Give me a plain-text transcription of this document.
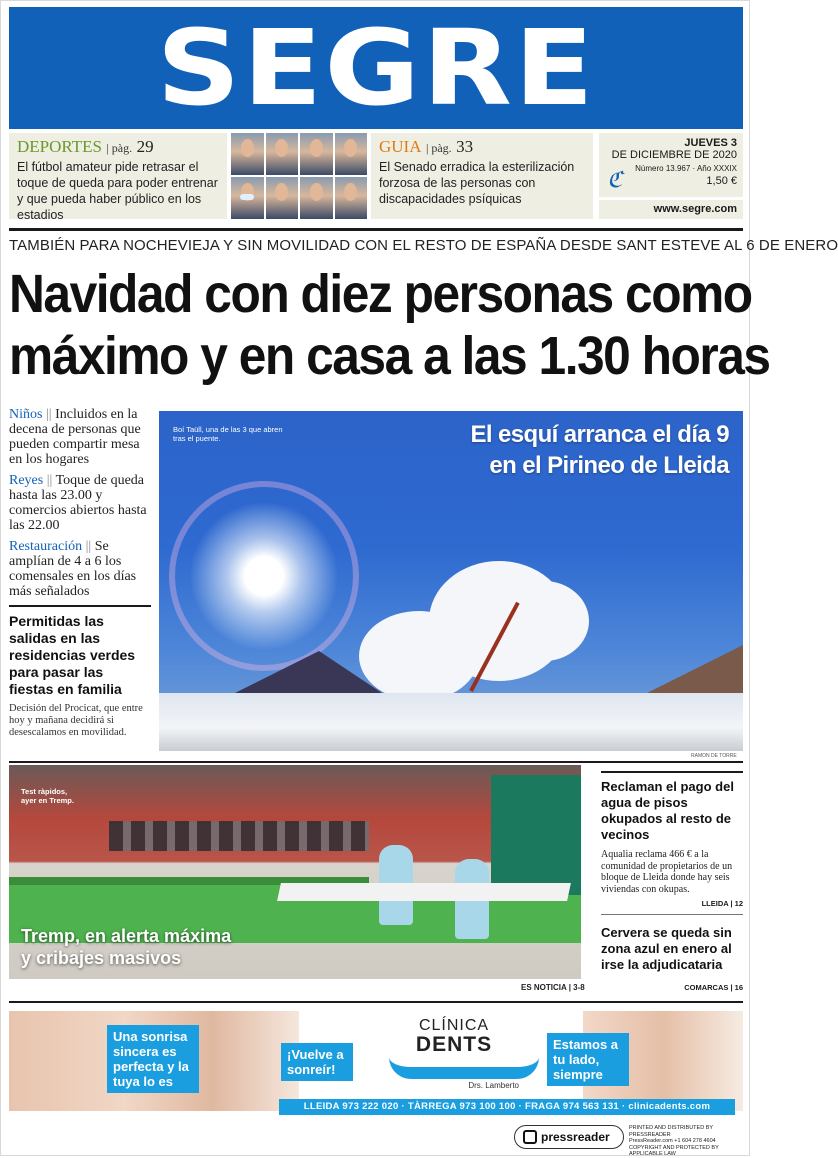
SEGRE
DEPORTES | pàg. 29
El fútbol amateur pide retrasar el toque de queda para poder entrenar y que pueda haber público en los estadios
GUIA | pàg. 33
El Senado erradica la esterilización forzosa de las personas con discapacidades psíquicas
JUEVES 3
DE DICIEMBRE DE 2020
Número 13.967 · Año XXXIX
1,50 €
ℭ
www.segre.com
TAMBIÉN PARA NOCHEVIEJA Y SIN MOVILIDAD CON EL RESTO DE ESPAÑA DESDE SANT ESTEVE AL 6 DE ENERO
Navidad con diez personas como
máximo y en casa a las 1.30 horas

Niños || Incluidos en la decena de personas que pueden compartir mesa en los hogares

Reyes || Toque de queda hasta las 23.00 y comercios abiertos hasta las 22.00

Restauración || Se amplían de 4 a 6 los comensales en los días más señalados

Permitidas las salidas en las residencias verdes para pasar las fiestas en familia
Decisión del Procicat, que entre hoy y mañana decidirá si desescalamos en movilidad.
Boí Taüll, una de las 3 que abren tras el puente.	El esquí arranca el día 9
en el Pirineo de Lleida
RAMON DE TORRE
Test ràpidos,
ayer en Tremp.
Tremp, en alerta máxima
y cribajes masivos
ES NOTICIA | 3-8
Reclaman el pago del agua de pisos okupados al resto de vecinos
Aqualia reclama 466 € a la comunidad de propietarios de un bloque de Lleida donde hay seis viviendas con okupas.
LLEIDA | 12
Cervera se queda sin zona azul en enero al irse la adjudicataria
COMARCAS | 16
Una sonrisa sincera es perfecta y la tuya lo es
¡Vuelve a sonreír!
CLÍNICA
DENTS
Drs. Lamberto
Estamos a tu lado, siempre
LLEIDA 973 222 020 · TÀRREGA 973 100 100 · FRAGA 974 563 131 · clinicadents.com
pressreader
PRINTED AND DISTRIBUTED BY PRESSREADER
PressReader.com +1 604 278 4604
COPYRIGHT AND PROTECTED BY APPLICABLE LAW
